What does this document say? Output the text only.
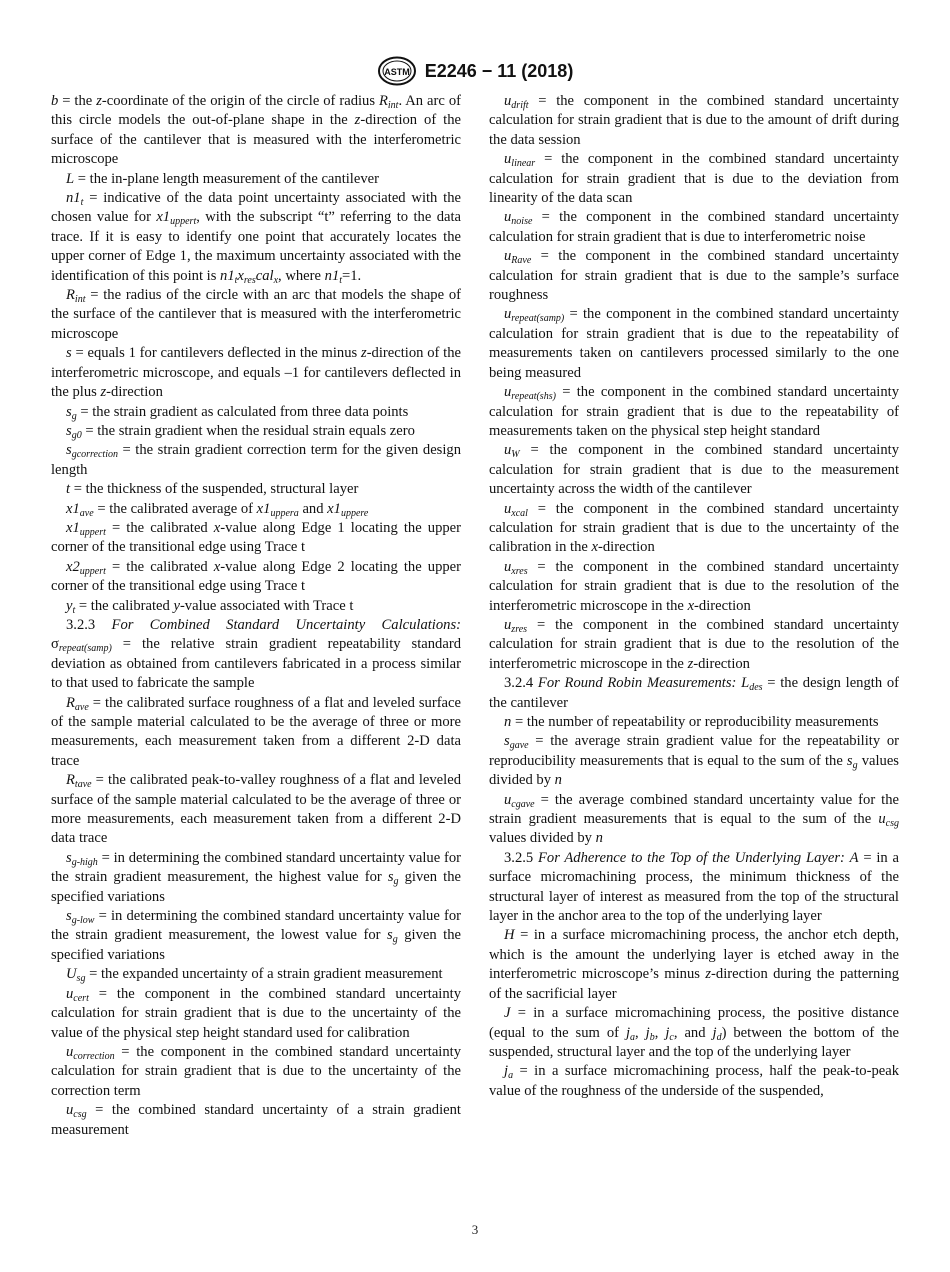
ASTM E2246 − 11 (2018)

b = the z-coordinate of the origin of the circle of radius $R_{int}$. An arc of this circle models the out-of-plane shape in the z-direction of the surface of the cantilever that is measured with the interferometric microscope

L = the in-plane length measurement of the cantilever

$n1_t$ = indicative of the data point uncertainty associated with the chosen value for $x1_{uppert}$, with the subscript “t” referring to the data trace. If it is easy to identify one point that accurately locates the upper corner of Edge 1, the maximum uncertainty associated with the identification of this point is $n1_tx_{res}cal_x$, where $n1_t=1$.

$R_{int}$ = the radius of the circle with an arc that models the shape of the surface of the cantilever that is measured with the interferometric microscope

s = equals 1 for cantilevers deflected in the minus z-direction of the interferometric microscope, and equals –1 for cantilevers deflected in the plus z-direction

$s_g$ = the strain gradient as calculated from three data points

$s_{g0}$ = the strain gradient when the residual strain equals zero

$s_{gcorrection}$ = the strain gradient correction term for the given design length

t = the thickness of the suspended, structural layer

$x1_{ave}$ = the calibrated average of $x1_{uppera}$ and $x1_{uppere}$

$x1_{uppert}$ = the calibrated x-value along Edge 1 locating the upper corner of the transitional edge using Trace t

$x2_{uppert}$ = the calibrated x-value along Edge 2 locating the upper corner of the transitional edge using Trace t

$y_t$ = the calibrated y-value associated with Trace t

3.2.3 For Combined Standard Uncertainty Calculations: $\sigma_{repeat(samp)}$ = the relative strain gradient repeatability standard deviation as obtained from cantilevers fabricated in a process similar to that used to fabricate the sample

$R_{ave}$ = the calibrated surface roughness of a flat and leveled surface of the sample material calculated to be the average of three or more measurements, each measurement taken from a different 2-D data trace

$R_{tave}$ = the calibrated peak-to-valley roughness of a flat and leveled surface of the sample material calculated to be the average of three or more measurements, each measurement taken from a different 2-D data trace

$s_{g-high}$ = in determining the combined standard uncertainty value for the strain gradient measurement, the highest value for $s_g$ given the specified variations

$s_{g-low}$ = in determining the combined standard uncertainty value for the strain gradient measurement, the lowest value for $s_g$ given the specified variations

$U_{sg}$ = the expanded uncertainty of a strain gradient measurement

$u_{cert}$ = the component in the combined standard uncertainty calculation for strain gradient that is due to the uncertainty of the value of the physical step height standard used for calibration

$u_{correction}$ = the component in the combined standard uncertainty calculation for strain gradient that is due to the uncertainty of the correction term

$u_{csg}$ = the combined standard uncertainty of a strain gradient measurement

$u_{drift}$ = the component in the combined standard uncertainty calculation for strain gradient that is due to the amount of drift during the data session

$u_{linear}$ = the component in the combined standard uncertainty calculation for strain gradient that is due to the deviation from linearity of the data scan

$u_{noise}$ = the component in the combined standard uncertainty calculation for strain gradient that is due to interferometric noise

$u_{Rave}$ = the component in the combined standard uncertainty calculation for strain gradient that is due to the sample’s surface roughness

$u_{repeat(samp)}$ = the component in the combined standard uncertainty calculation for strain gradient that is due to the repeatability of measurements taken on cantilevers processed similarly to the one being measured

$u_{repeat(shs)}$ = the component in the combined standard uncertainty calculation for strain gradient that is due to the repeatability of measurements taken on the physical step height standard

$u_W$ = the component in the combined standard uncertainty calculation for strain gradient that is due to the measurement uncertainty across the width of the cantilever

$u_{xcal}$ = the component in the combined standard uncertainty calculation for strain gradient that is due to the uncertainty of the calibration in the x-direction

$u_{xres}$ = the component in the combined standard uncertainty calculation for strain gradient that is due to the resolution of the interferometric microscope in the x-direction

$u_{zres}$ = the component in the combined standard uncertainty calculation for strain gradient that is due to the resolution of the interferometric microscope in the z-direction

3.2.4 For Round Robin Measurements: $L_{des}$ = the design length of the cantilever

n = the number of repeatability or reproducibility measurements

$s_{gave}$ = the average strain gradient value for the repeatability or reproducibility measurements that is equal to the sum of the $s_g$ values divided by n

$u_{cgave}$ = the average combined standard uncertainty value for the strain gradient measurements that is equal to the sum of the $u_{csg}$ values divided by n

3.2.5 For Adherence to the Top of the Underlying Layer: A = in a surface micromachining process, the minimum thickness of the structural layer of interest as measured from the top of the structural layer in the anchor area to the top of the underlying layer

H = in a surface micromachining process, the anchor etch depth, which is the amount the underlying layer is etched away in the interferometric microscope’s minus z-direction during the patterning of the sacrificial layer

J = in a surface micromachining process, the positive distance (equal to the sum of $j_a$, $j_b$, $j_c$, and $j_d$) between the bottom of the suspended, structural layer and the top of the underlying layer

$j_a$ = in a surface micromachining process, half the peak-to-peak value of the roughness of the underside of the suspended,

3
